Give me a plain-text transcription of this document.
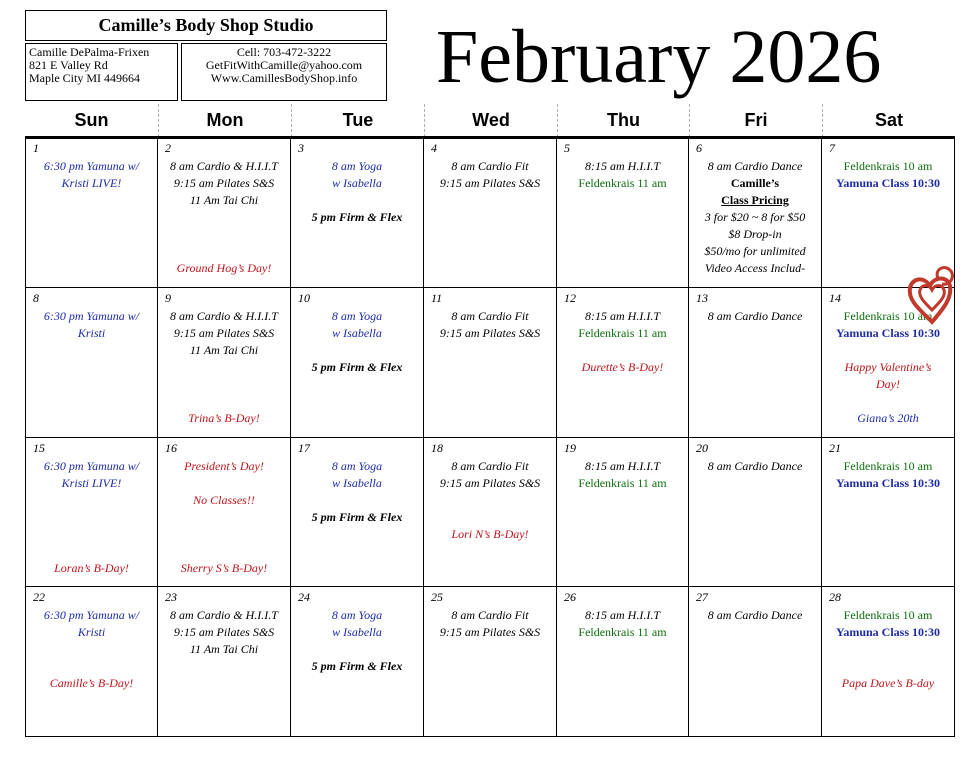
Camille’s Body Shop Studio
Camille DePalma-Frixen
821 E Valley Rd
Maple City MI 449664
Cell: 703-472-3222
GetFitWithCamille@yahoo.com
Www.CamillesBodyShop.info	February 2026
Sun	Mon	Tue	Wed	Thu	Fri	Sat
1
6:30 pm Yamuna w/
Kristi LIVE!
2
8 am Cardio & H.I.I.T
9:15 am Pilates S&S
11 Am Tai Chi
Ground Hog’s Day!
3
8 am Yoga
w Isabella
5 pm Firm & Flex
4
8 am Cardio Fit
9:15 am Pilates S&S
5
8:15 am H.I.I.T
Feldenkrais 11 am
6
8 am Cardio Dance
Camille’s
Class Pricing
3 for $20 ~ 8 for $50
$8 Drop-in
$50/mo for unlimited
Video Access Includ-
7
Feldenkrais 10 am
Yamuna Class 10:30
8
6:30 pm Yamuna w/
Kristi
9
8 am Cardio & H.I.I.T
9:15 am Pilates S&S
11 Am Tai Chi
Trina’s B-Day!
10
8 am Yoga
w Isabella
5 pm Firm & Flex
11
8 am Cardio Fit
9:15 am Pilates S&S
12
8:15 am H.I.I.T
Feldenkrais 11 am
Durette’s B-Day!
13
8 am Cardio Dance
14
Feldenkrais 10 am
Yamuna Class 10:30
Happy Valentine’s
Day!
Giana’s 20th
15
6:30 pm Yamuna w/
Kristi LIVE!
Loran’s B-Day!
16
President’s Day!
No Classes!!
Sherry S’s B-Day!
17
8 am Yoga
w Isabella
5 pm Firm & Flex
18
8 am Cardio Fit
9:15 am Pilates S&S
Lori N’s B-Day!
19
8:15 am H.I.I.T
Feldenkrais 11 am
20
8 am Cardio Dance
21
Feldenkrais 10 am
Yamuna Class 10:30
22
6:30 pm Yamuna w/
Kristi
Camille’s B-Day!
23
8 am Cardio & H.I.I.T
9:15 am Pilates S&S
11 Am Tai Chi
24
8 am Yoga
w Isabella
5 pm Firm & Flex
25
8 am Cardio Fit
9:15 am Pilates S&S
26
8:15 am H.I.I.T
Feldenkrais 11 am
27
8 am Cardio Dance
28
Feldenkrais 10 am
Yamuna Class 10:30
Papa Dave’s B-day
